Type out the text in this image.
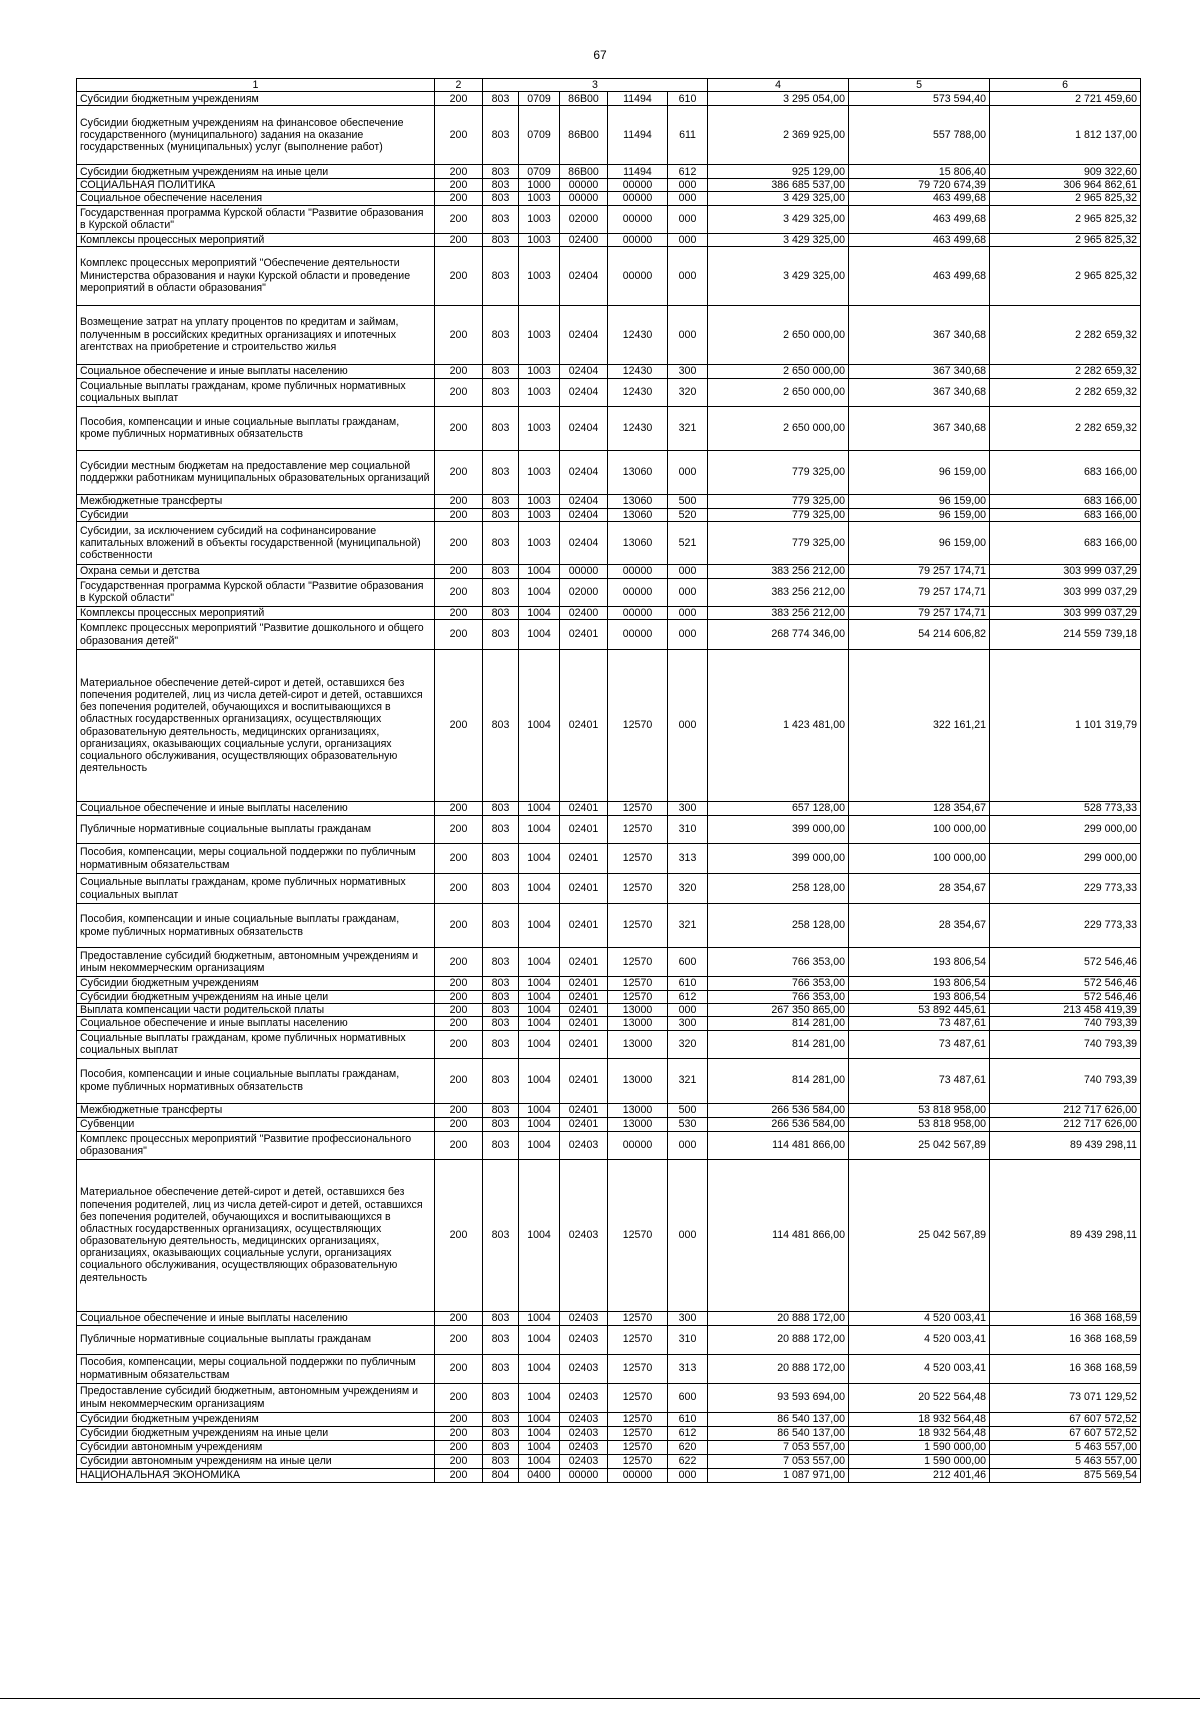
67
1	2	3					4	5	6
Субсидии бюджетным учреждениям	200	803	0709	86В00	11494	610	3 295 054,00	573 594,40	2 721 459,60
Субсидии бюджетным учреждениям на финансовое обеспечение государственного (муниципального) задания на оказание государственных (муниципальных) услуг (выполнение работ)	200	803	0709	86В00	11494	611	2 369 925,00	557 788,00	1 812 137,00
Субсидии бюджетным учреждениям на иные цели	200	803	0709	86В00	11494	612	925 129,00	15 806,40	909 322,60
СОЦИАЛЬНАЯ ПОЛИТИКА	200	803	1000	00000	00000	000	386 685 537,00	79 720 674,39	306 964 862,61
Социальное обеспечение населения	200	803	1003	00000	00000	000	3 429 325,00	463 499,68	2 965 825,32
Государственная программа Курской области "Развитие образования в Курской области"	200	803	1003	02000	00000	000	3 429 325,00	463 499,68	2 965 825,32
Комплексы процессных мероприятий	200	803	1003	02400	00000	000	3 429 325,00	463 499,68	2 965 825,32
Комплекс процессных мероприятий "Обеспечение деятельности Министерства образования и науки Курской области и проведение мероприятий в области образования"	200	803	1003	02404	00000	000	3 429 325,00	463 499,68	2 965 825,32
Возмещение затрат на уплату процентов по кредитам и займам, полученным в российских кредитных организациях и ипотечных агентствах на приобретение и строительство жилья	200	803	1003	02404	12430	000	2 650 000,00	367 340,68	2 282 659,32
Социальное обеспечение и иные выплаты населению	200	803	1003	02404	12430	300	2 650 000,00	367 340,68	2 282 659,32
Социальные выплаты гражданам, кроме публичных нормативных социальных выплат	200	803	1003	02404	12430	320	2 650 000,00	367 340,68	2 282 659,32
Пособия, компенсации и иные социальные выплаты гражданам, кроме публичных нормативных обязательств	200	803	1003	02404	12430	321	2 650 000,00	367 340,68	2 282 659,32
Субсидии местным бюджетам на предоставление мер социальной поддержки работникам муниципальных образовательных организаций	200	803	1003	02404	13060	000	779 325,00	96 159,00	683 166,00
Межбюджетные трансферты	200	803	1003	02404	13060	500	779 325,00	96 159,00	683 166,00
Субсидии	200	803	1003	02404	13060	520	779 325,00	96 159,00	683 166,00
Субсидии, за исключением субсидий на софинансирование капитальных вложений в объекты государственной (муниципальной) собственности	200	803	1003	02404	13060	521	779 325,00	96 159,00	683 166,00
Охрана семьи и детства	200	803	1004	00000	00000	000	383 256 212,00	79 257 174,71	303 999 037,29
Государственная программа Курской области "Развитие образования в Курской области"	200	803	1004	02000	00000	000	383 256 212,00	79 257 174,71	303 999 037,29
Комплексы процессных мероприятий	200	803	1004	02400	00000	000	383 256 212,00	79 257 174,71	303 999 037,29
Комплекс процессных мероприятий "Развитие дошкольного и общего образования детей"	200	803	1004	02401	00000	000	268 774 346,00	54 214 606,82	214 559 739,18
Материальное обеспечение детей-сирот и детей, оставшихся без попечения родителей, лиц из числа детей-сирот и детей, оставшихся без попечения родителей, обучающихся и воспитывающихся в областных государственных организациях, осуществляющих образовательную деятельность, медицинских организациях, организациях, оказывающих социальные услуги, организациях социального обслуживания, осуществляющих образовательную деятельность	200	803	1004	02401	12570	000	1 423 481,00	322 161,21	1 101 319,79
Социальное обеспечение и иные выплаты населению	200	803	1004	02401	12570	300	657 128,00	128 354,67	528 773,33
Публичные нормативные социальные выплаты гражданам	200	803	1004	02401	12570	310	399 000,00	100 000,00	299 000,00
Пособия, компенсации, меры социальной поддержки по публичным нормативным обязательствам	200	803	1004	02401	12570	313	399 000,00	100 000,00	299 000,00
Социальные выплаты гражданам, кроме публичных нормативных социальных выплат	200	803	1004	02401	12570	320	258 128,00	28 354,67	229 773,33
Пособия, компенсации и иные социальные выплаты гражданам, кроме публичных нормативных обязательств	200	803	1004	02401	12570	321	258 128,00	28 354,67	229 773,33
Предоставление субсидий бюджетным, автономным учреждениям и иным некоммерческим организациям	200	803	1004	02401	12570	600	766 353,00	193 806,54	572 546,46
Субсидии бюджетным учреждениям	200	803	1004	02401	12570	610	766 353,00	193 806,54	572 546,46
Субсидии бюджетным учреждениям на иные цели	200	803	1004	02401	12570	612	766 353,00	193 806,54	572 546,46
Выплата компенсации части родительской платы	200	803	1004	02401	13000	000	267 350 865,00	53 892 445,61	213 458 419,39
Социальное обеспечение и иные выплаты населению	200	803	1004	02401	13000	300	814 281,00	73 487,61	740 793,39
Социальные выплаты гражданам, кроме публичных нормативных социальных выплат	200	803	1004	02401	13000	320	814 281,00	73 487,61	740 793,39
Пособия, компенсации и иные социальные выплаты гражданам, кроме публичных нормативных обязательств	200	803	1004	02401	13000	321	814 281,00	73 487,61	740 793,39
Межбюджетные трансферты	200	803	1004	02401	13000	500	266 536 584,00	53 818 958,00	212 717 626,00
Субвенции	200	803	1004	02401	13000	530	266 536 584,00	53 818 958,00	212 717 626,00
Комплекс процессных мероприятий "Развитие профессионального образования"	200	803	1004	02403	00000	000	114 481 866,00	25 042 567,89	89 439 298,11
Материальное обеспечение детей-сирот и детей, оставшихся без попечения родителей, лиц из числа детей-сирот и детей, оставшихся без попечения родителей, обучающихся и воспитывающихся в областных государственных организациях, осуществляющих образовательную деятельность, медицинских организациях, организациях, оказывающих социальные услуги, организациях социального обслуживания, осуществляющих образовательную деятельность	200	803	1004	02403	12570	000	114 481 866,00	25 042 567,89	89 439 298,11
Социальное обеспечение и иные выплаты населению	200	803	1004	02403	12570	300	20 888 172,00	4 520 003,41	16 368 168,59
Публичные нормативные социальные выплаты гражданам	200	803	1004	02403	12570	310	20 888 172,00	4 520 003,41	16 368 168,59
Пособия, компенсации, меры социальной поддержки по публичным нормативным обязательствам	200	803	1004	02403	12570	313	20 888 172,00	4 520 003,41	16 368 168,59
Предоставление субсидий бюджетным, автономным учреждениям и иным некоммерческим организациям	200	803	1004	02403	12570	600	93 593 694,00	20 522 564,48	73 071 129,52
Субсидии бюджетным учреждениям	200	803	1004	02403	12570	610	86 540 137,00	18 932 564,48	67 607 572,52
Субсидии бюджетным учреждениям на иные цели	200	803	1004	02403	12570	612	86 540 137,00	18 932 564,48	67 607 572,52
Субсидии автономным учреждениям	200	803	1004	02403	12570	620	7 053 557,00	1 590 000,00	5 463 557,00
Субсидии автономным учреждениям на иные цели	200	803	1004	02403	12570	622	7 053 557,00	1 590 000,00	5 463 557,00
НАЦИОНАЛЬНАЯ ЭКОНОМИКА	200	804	0400	00000	00000	000	1 087 971,00	212 401,46	875 569,54
